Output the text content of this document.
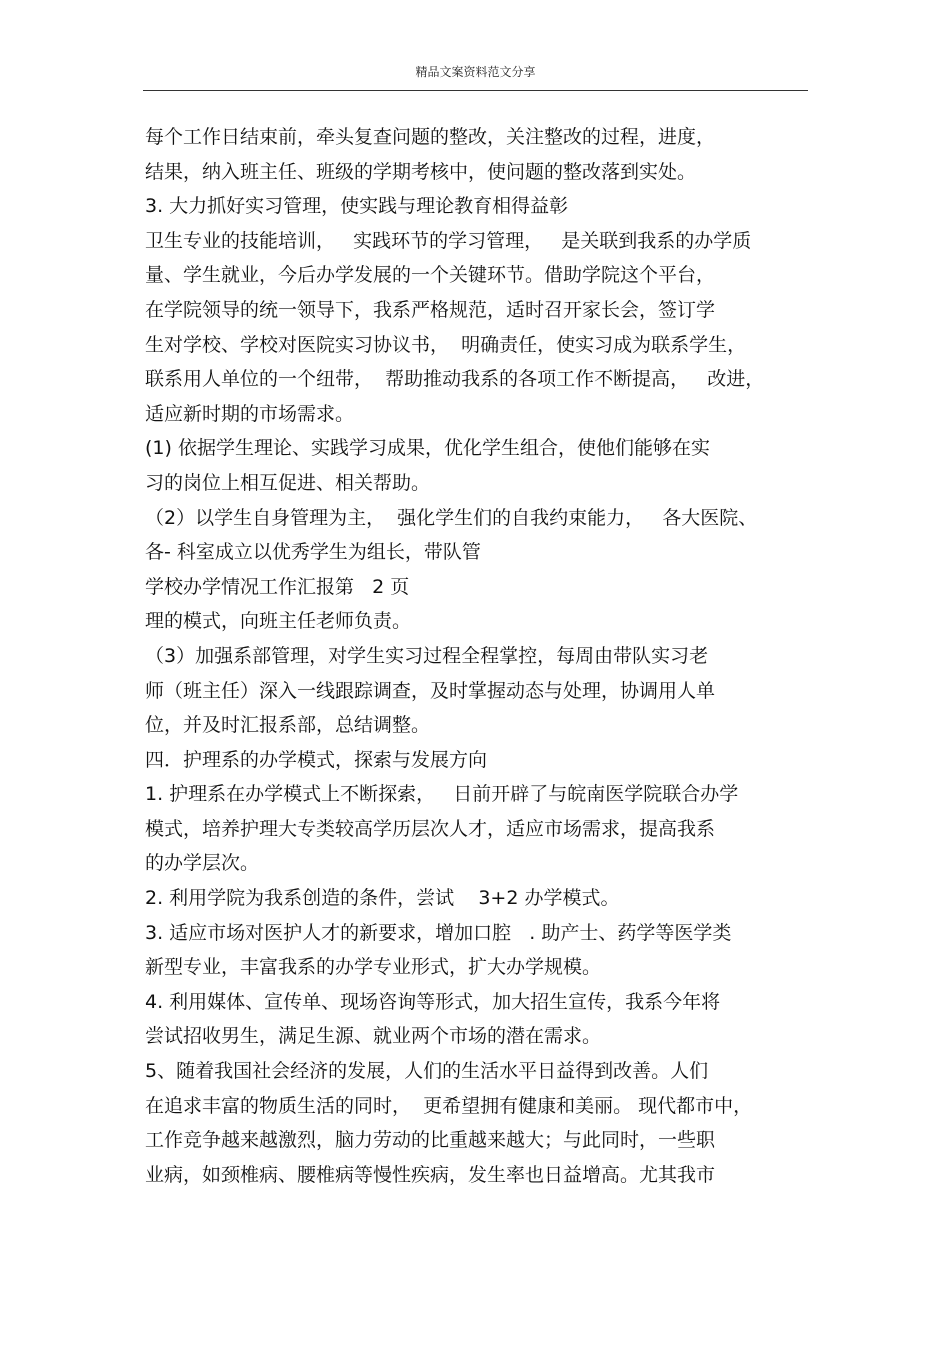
精品文案资料范文分享
每个工作日结束前，牵头复查问题的整改，关注整改的过程，进度，
结果，纳入班主任、班级的学期考核中，使问题的整改落到实处。
3. 大力抓好实习管理，使实践与理论教育相得益彰
卫生专业的技能培训，   实践环节的学习管理，   是关联到我系的办学质
量、学生就业，今后办学发展的一个关键环节。借助学院这个平台，
在学院领导的统一领导下，我系严格规范，适时召开家长会，签订学
生对学校、学校对医院实习协议书，  明确责任，使实习成为联系学生，
联系用人单位的一个纽带，  帮助推动我系的各项工作不断提高，   改进，
适应新时期的市场需求。
(1) 依据学生理论、实践学习成果，优化学生组合，使他们能够在实
习的岗位上相互促进、相关帮助。
（2）以学生自身管理为主，  强化学生们的自我约束能力，   各大医院、
各- 科室成立以优秀学生为组长，带队管
学校办学情况工作汇报第   2 页
理的模式，向班主任老师负责。
（3）加强系部管理，对学生实习过程全程掌控，每周由带队实习老
师（班主任）深入一线跟踪调查，及时掌握动态与处理，协调用人单
位，并及时汇报系部，总结调整。
四．护理系的办学模式，探索与发展方向
1. 护理系在办学模式上不断探索，   日前开辟了与皖南医学院联合办学
模式，培养护理大专类较高学历层次人才，适应市场需求，提高我系
的办学层次。
2. 利用学院为我系创造的条件，尝试    3+2 办学模式。
3. 适应市场对医护人才的新要求，增加口腔   . 助产士、药学等医学类
新型专业，丰富我系的办学专业形式，扩大办学规模。
4. 利用媒体、宣传单、现场咨询等形式，加大招生宣传，我系今年将
尝试招收男生，满足生源、就业两个市场的潜在需求。
5、随着我国社会经济的发展，人们的生活水平日益得到改善。人们
在追求丰富的物质生活的同时，  更希望拥有健康和美丽。 现代都市中，
工作竞争越来越激烈，脑力劳动的比重越来越大；与此同时，一些职
业病，如颈椎病、腰椎病等慢性疾病，发生率也日益增高。尤其我市
